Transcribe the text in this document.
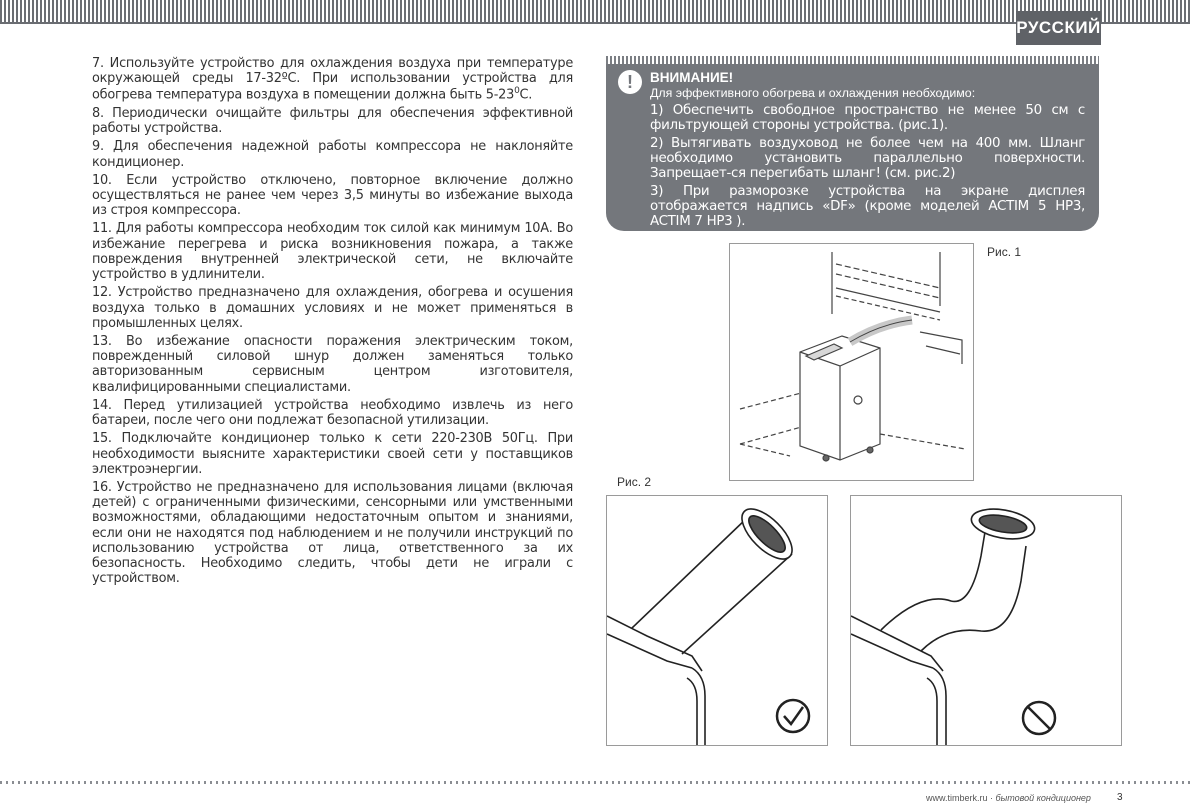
РУССКИЙ

7. Используйте устройство для охлаждения воздуха при температуре окружающей среды 17-32ºC. При использовании устройства для обогрева температура воздуха в помещении должна быть $5-23^0C$.

8. Периодически очищайте фильтры для обеспечения эффективной работы устройства.

9. Для обеспечения надежной работы компрессора не наклоняйте кондиционер.

10. Если устройство отключено, повторное включение должно осуществляться не ранее чем через 3,5 минуты во избежание выхода из строя компрессора.

11. Для работы компрессора необходим ток силой как минимум 10А. Во избежание перегрева и риска возникновения пожара, а также повреждения внутренней электрической сети, не включайте устройство в удлинители.

12. Устройство предназначено для охлаждения, обогрева и осушения воздуха только в домашних условиях и не может применяться в промышленных целях.

13. Во избежание опасности поражения электрическим током, поврежденный силовой шнур должен заменяться только авторизованным сервисным центром изготовителя, квалифицированными специалистами.

14. Перед утилизацией устройства необходимо извлечь из него батареи, после чего они подлежат безопасной утилизации.

15. Подключайте кондиционер только к сети 220-230В 50Гц. При необходимости выясните характеристики своей сети у поставщиков электроэнергии.

16. Устройство не предназначено для использования лицами (включая детей) с ограниченными физическими, сенсорными или умственными возможностями, обладающими недостаточным опытом и знаниями, если они не находятся под наблюдением и не получили инструкций по использованию устройства от лица, ответственного за их безопасность. Необходимо следить, чтобы дети не играли с устройством.

!	ВНИМАНИЕ!
Для эффективного обогрева и охлаждения необходимо:
1) Обеспечить свободное пространство не менее 50 см с фильтрующей стороны устройства. (рис.1).
2) Вытягивать воздуховод не более чем на 400 мм. Шланг необходимо установить параллельно поверхности. Запрещает-ся перегибать шланг! (см. рис.2)
3) При разморозке устройства на экране дисплея отображается надпись «DF» (кроме моделей ACTIM 5 HP3, ACTIM 7 HP3 ).
Рис. 1
Рис. 2
www.timberk.ru · бытовой кондиционер	3
